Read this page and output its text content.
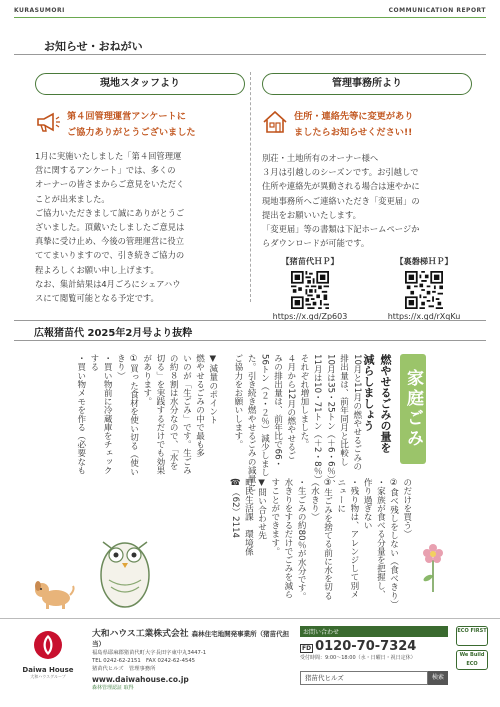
KURASUMORI	COMMUNICATION REPORT
お知らせ・おねがい
現地スタッフより
第４回管理運営アンケートに
ご協力ありがとうございました
1月に実施いたしました「第４回管理運
営に関するアンケート」では、多くの
オーナーの皆さまからご意見をいただく
ことが出来ました。
ご協力いただきまして誠にありがとうご
ざいました。頂戴いたしましたご意見は
真摯に受け止め、今後の管理運営に役立
ててまいりますので、引き続きご協力の
程よろしくお願い申し上げます。
なお、集計結果は4月ごろにシェアハウ
スにて閲覧可能となる予定です。
管理事務所より
住所・連絡先等に変更があり
ましたらお知らせください!!
別荘・土地所有のオーナー様へ
３月は引越しのシーズンです。お引越しで
住所や連絡先が異動される場合は速やかに
現地事務所へご連絡いただき「変更届」の
提出をお願いいたします。
「変更届」等の書類は下記ホームページか
らダウンロードが可能です。
【猪苗代ＨＰ】
https://x.gd/Zp603
【裏磐梯ＨＰ】
https://x.gd/rXqKu
広報猪苗代 2025年2月号より抜粋
家庭ごみ
燃やせるごみの量を
減らしましょう
10月と11月の燃やせるごみの
排出量は、前年同月と比較し
10月は35・25トン（＋6・6％）、
11月は10・71トン（＋2・8％）
それぞれ増加しました。
４月から12月の燃やせるご
みの排出量は、前年比で66・
56トン（２・２％）減少しまし
た。引き続き燃やせるごみの減量に
ご協力をお願いします。
▼減量のポイント
燃やせるごみの中で最も多
いのが「生ごみ」です。生ごみ
の約８割は水分なので、「水を
切る」を実践するだけでも効果
があります。
①買った食材を使い切る（使い
きり）
・買い物前に冷蔵庫をチェック
する
・買い物メモを作る（必要なも
のだけを買う）
②食べ残しをしない（食べきり）
・家族が食べる分量を把握し、
作り過ぎない
・残り物は、アレンジして別メ
ニューに
③生ごみを捨てる前に水を切る
（水きり）
・生ごみの約80％が水分です。
水きりをするだけでごみを減ら
すことができます。
▼問い合わせ先
町民生活課　環境係
☎（62）2114
Daiwa House
大和ハウスグループ
大和ハウス工業株式会社 森林住宅地開発事業所（猪苗代担当）
福島県耶麻郡猪苗代町大字長田字東中丸3447-1
TEL 0242-62-2151　FAX 0242-62-4545
猪苗代ヒルズ　管理事務所
www.daiwahouse.co.jp
森林管理認証 取得
お問い合わせ
FD 0120-70-7324
受付時間：9:00～18:00（水・日曜日・祝日定休）
猪苗代ヒルズ	検索
ECO FIRST
We Build ECO
